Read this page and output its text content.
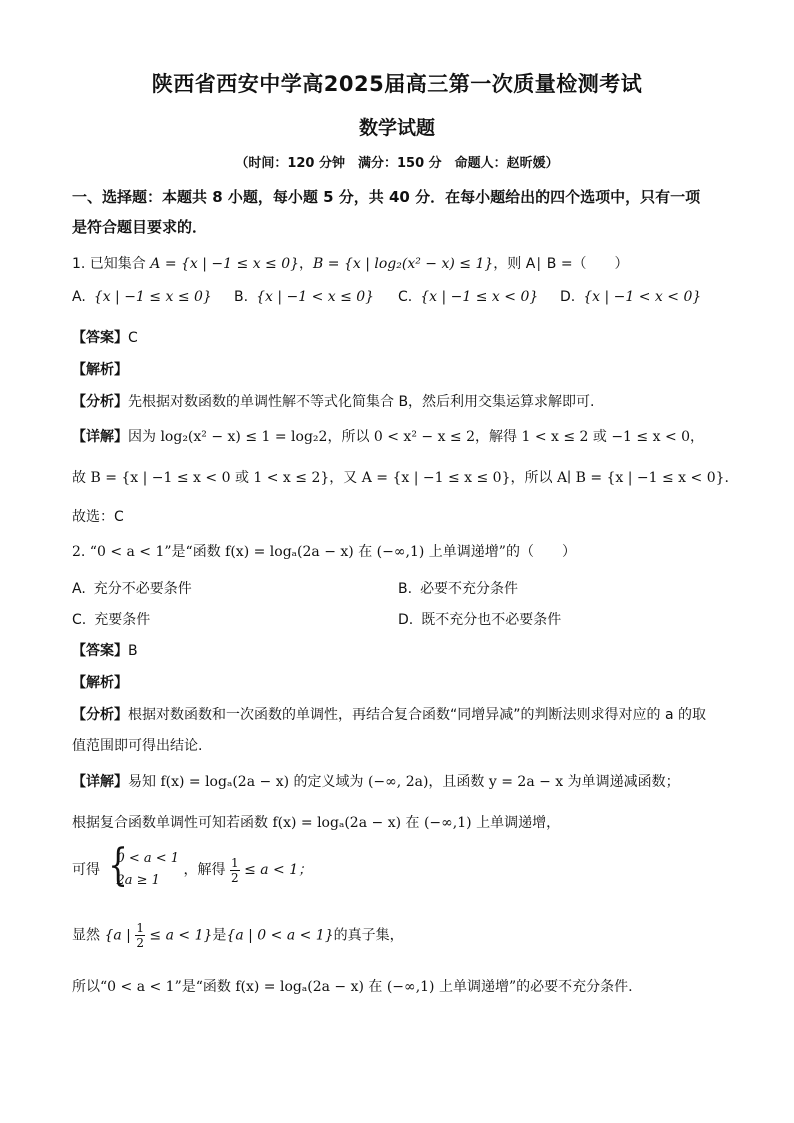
陕西省西安中学高2025届高三第一次质量检测考试
数学试题
（时间：120 分钟　满分：150 分　命题人：赵昕媛）
一、选择题：本题共 8 小题，每小题 5 分，共 40 分．在每小题给出的四个选项中，只有一项
是符合题目要求的．
1. 已知集合 A = {x | −1 ≤ x ≤ 0}，B = {x | log₂(x² − x) ≤ 1}，则 A∣ B =（　　）
A. {x | −1 ≤ x ≤ 0} B. {x | −1 < x ≤ 0} C. {x | −1 ≤ x < 0} D. {x | −1 < x < 0}
【答案】C
【解析】
【分析】先根据对数函数的单调性解不等式化简集合 B，然后利用交集运算求解即可.
【详解】因为 log₂(x² − x) ≤ 1 = log₂2，所以 0 < x² − x ≤ 2，解得 1 < x ≤ 2 或 −1 ≤ x < 0，
故 B = {x | −1 ≤ x < 0 或 1 < x ≤ 2}，又 A = {x | −1 ≤ x ≤ 0}，所以 A∣ B = {x | −1 ≤ x < 0}.
故选：C
2. “0 < a < 1”是“函数 f(x) = logₐ(2a − x) 在 (−∞,1) 上单调递增”的（　　）
A. 充分不必要条件	B. 必要不充分条件
C. 充要条件	D. 既不充分也不必要条件
【答案】B
【解析】
【分析】根据对数函数和一次函数的单调性，再结合复合函数“同增异减”的判断法则求得对应的 a 的取
值范围即可得出结论.
【详解】易知 f(x) = logₐ(2a − x) 的定义域为 (−∞, 2a)，且函数 y = 2a − x 为单调递减函数；
根据复合函数单调性可知若函数 f(x) = logₐ(2a − x) 在 (−∞,1) 上单调递增，
可得 {
0 < a < 1
2a ≥ 1
，解得 $\frac{1}{2} \le a < 1$；
显然 {a | $\frac{1}{2} \le a < 1$}是{a | 0 < a < 1}的真子集，
所以“0 < a < 1”是“函数 f(x) = logₐ(2a − x) 在 (−∞,1) 上单调递增”的必要不充分条件.
